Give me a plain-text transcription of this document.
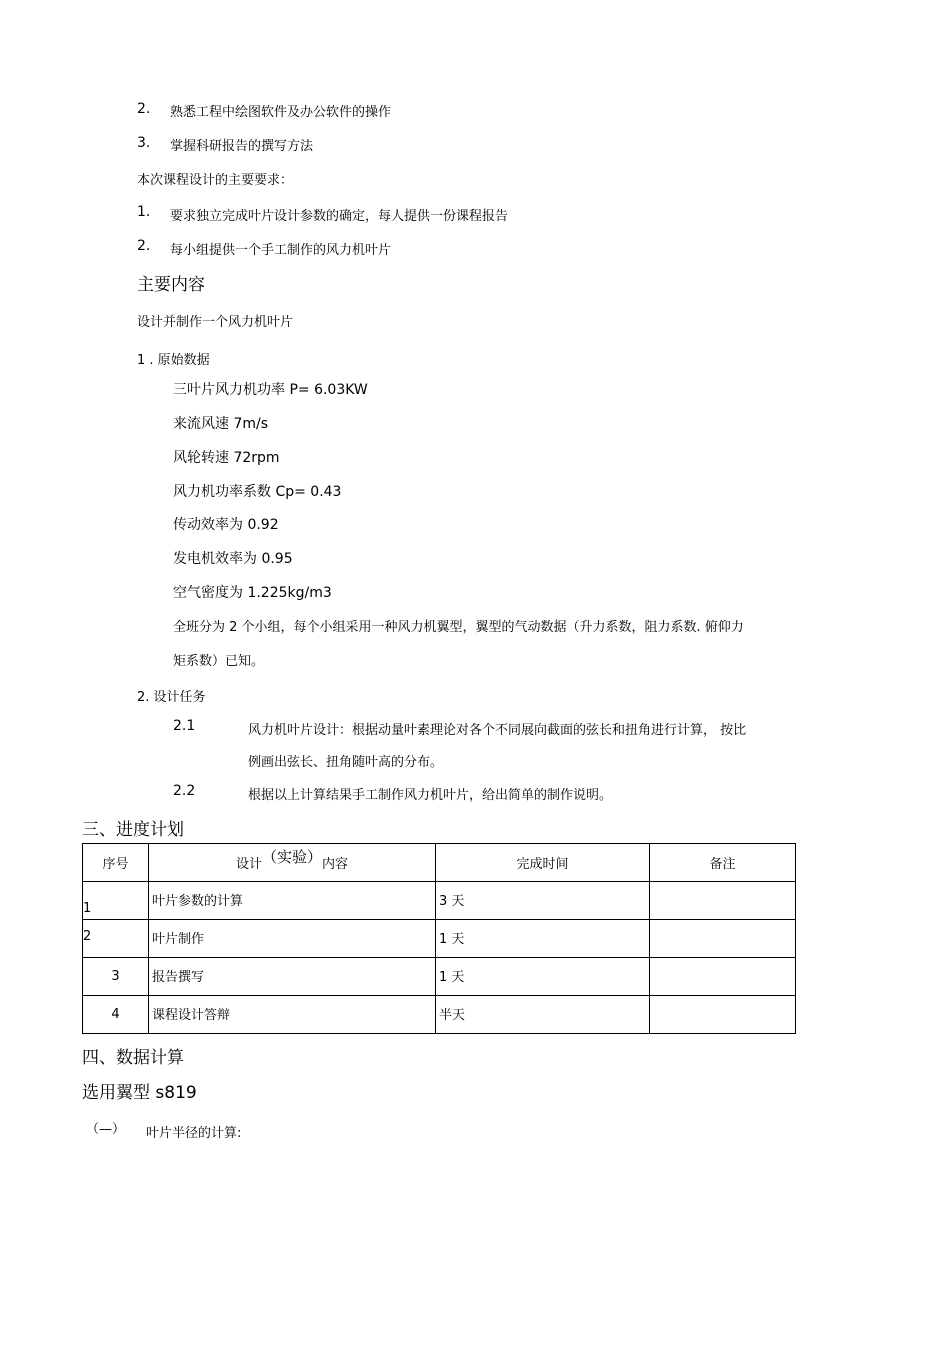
2. 熟悉工程中绘图软件及办公软件的操作
3. 掌握科研报告的撰写方法
本次课程设计的主要要求：
1. 要求独立完成叶片设计参数的确定，每人提供一份课程报告
2. 每小组提供一个手工制作的风力机叶片
主要内容
设计并制作一个风力机叶片
1 . 原始数据
三叶片风力机功率 P= 6.03KW
来流风速 7m/s
风轮转速 72rpm
风力机功率系数 Cp= 0.43
传动效率为 0.92
发电机效率为 0.95
空气密度为 1.225kg/m3
全班分为 2 个小组，每个小组采用一种风力机翼型，翼型的气动数据（升力系数，阻力系数. 俯仰力
矩系数）已知。
2. 设计任务
2.1	风力机叶片设计：根据动量叶素理论对各个不同展向截面的弦长和扭角进行计算， 按比
例画出弦长、扭角随叶高的分布。
2.2	根据以上计算结果手工制作风力机叶片，给出简单的制作说明。
三、进度计划
序号	设计（实验）内容	完成时间	备注

1	叶片参数的计算	3 天	

2	叶片制作	1 天	

3	报告撰写	1 天	

4	课程设计答辩	半天	

四、数据计算
选用翼型 s819
（—） 叶片半径的计算:
